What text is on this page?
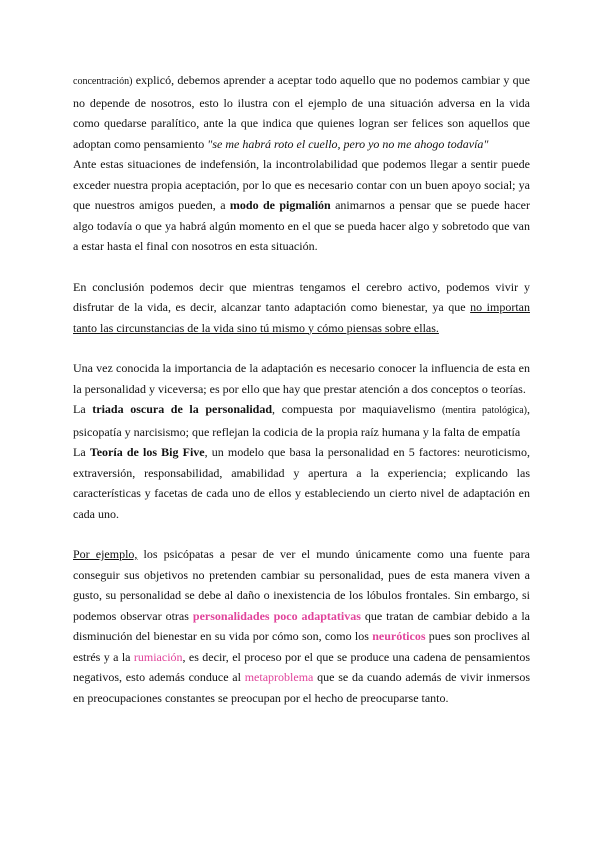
concentración) explicó, debemos aprender a aceptar todo aquello que no podemos cambiar y que no depende de nosotros, esto lo ilustra con el ejemplo de una situación adversa en la vida como quedarse paralítico, ante la que indica que quienes logran ser felices son aquellos que adoptan como pensamiento "se me habrá roto el cuello, pero yo no me ahogo todavía"

Ante estas situaciones de indefensión, la incontrolabilidad que podemos llegar a sentir puede exceder nuestra propia aceptación, por lo que es necesario contar con un buen apoyo social; ya que nuestros amigos pueden, a modo de pigmalión animarnos a pensar que se puede hacer algo todavía o que ya habrá algún momento en el que se pueda hacer algo y sobretodo que van a estar hasta el final con nosotros en esta situación.

En conclusión podemos decir que mientras tengamos el cerebro activo, podemos vivir y disfrutar de la vida, es decir, alcanzar tanto adaptación como bienestar, ya que no importan tanto las circunstancias de la vida sino tú mismo y cómo piensas sobre ellas.

Una vez conocida la importancia de la adaptación es necesario conocer la influencia de esta en la personalidad y viceversa; es por ello que hay que prestar atención a dos conceptos o teorías.

La triada oscura de la personalidad, compuesta por maquiavelismo (mentira patológica), psicopatía y narcisismo; que reflejan la codicia de la propia raíz humana y la falta de empatía

La Teoría de los Big Five, un modelo que basa la personalidad en 5 factores: neuroticismo, extraversión, responsabilidad, amabilidad y apertura a la experiencia; explicando las características y facetas de cada uno de ellos y estableciendo un cierto nivel de adaptación en cada uno.

Por ejemplo, los psicópatas a pesar de ver el mundo únicamente como una fuente para conseguir sus objetivos no pretenden cambiar su personalidad, pues de esta manera viven a gusto, su personalidad se debe al daño o inexistencia de los lóbulos frontales. Sin embargo, si podemos observar otras personalidades poco adaptativas que tratan de cambiar debido a la disminución del bienestar en su vida por cómo son, como los neuróticos pues son proclives al estrés y a la rumiación, es decir, el proceso por el que se produce una cadena de pensamientos negativos, esto además conduce al metaproblema que se da cuando además de vivir inmersos en preocupaciones constantes se preocupan por el hecho de preocuparse tanto.
